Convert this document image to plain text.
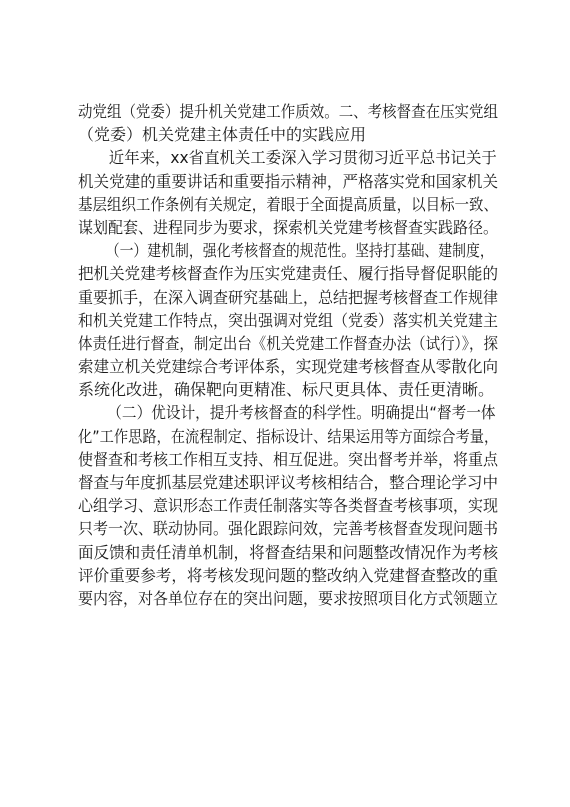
动党组（党委）提升机关党建工作质效。二、考核督查在压实党组
（党委）机关党建主体责任中的实践应用
近年来，xx省直机关工委深入学习贯彻习近平总书记关于
机关党建的重要讲话和重要指示精神，严格落实党和国家机关
基层组织工作条例有关规定，着眼于全面提高质量，以目标一致、
谋划配套、进程同步为要求，探索机关党建考核督查实践路径。
（一）建机制，强化考核督查的规范性。坚持打基础、建制度，
把机关党建考核督查作为压实党建责任、履行指导督促职能的
重要抓手，在深入调查研究基础上，总结把握考核督查工作规律
和机关党建工作特点，突出强调对党组（党委）落实机关党建主
体责任进行督查，制定出台《机关党建工作督查办法（试行）》，探
索建立机关党建综合考评体系，实现党建考核督查从零散化向
系统化改进，确保靶向更精准、标尺更具体、责任更清晰。
（二）优设计，提升考核督查的科学性。明确提出“督考一体
化”工作思路，在流程制定、指标设计、结果运用等方面综合考量，
使督查和考核工作相互支持、相互促进。突出督考并举，将重点
督查与年度抓基层党建述职评议考核相结合，整合理论学习中
心组学习、意识形态工作责任制落实等各类督查考核事项，实现
只考一次、联动协同。强化跟踪问效，完善考核督查发现问题书
面反馈和责任清单机制，将督查结果和问题整改情况作为考核
评价重要参考，将考核发现问题的整改纳入党建督查整改的重
要内容，对各单位存在的突出问题，要求按照项目化方式领题立
